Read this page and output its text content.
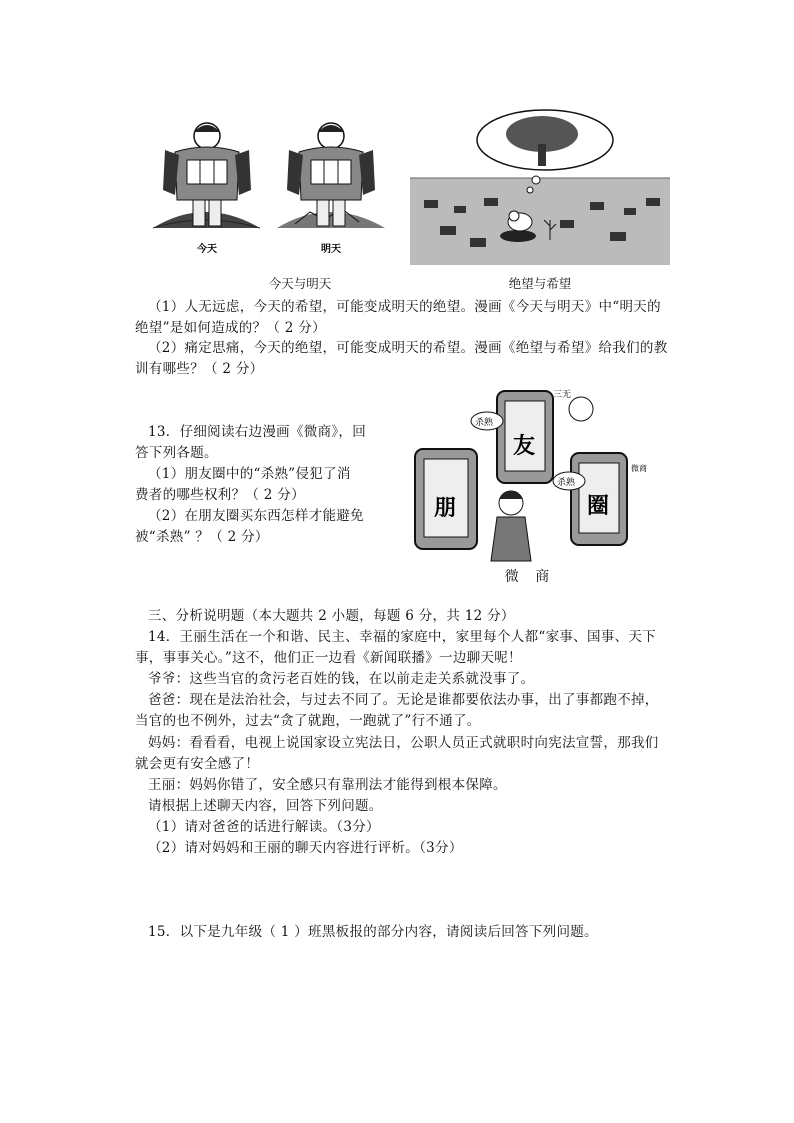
今天	明天
今天与明天	绝望与希望
（1）人无远虑，今天的希望，可能变成明天的绝望。漫画《今天与明天》中“明天的
绝望”是如何造成的？（ 2 分）
（2）痛定思痛，今天的绝望，可能变成明天的希望。漫画《绝望与希望》给我们的教
训有哪些？（ 2 分）
13．仔细阅读右边漫画《微商》，回
答下列各题。
（1）朋友圈中的“杀熟”侵犯了消
费者的哪些权利？（ 2 分）
（2）在朋友圈买东西怎样才能避免
被“杀熟” ？（ 2 分）
友
朋	圈
杀熟
杀熟
三无
微商
微 商
三、分析说明题（本大题共 2 小题，每题 6 分，共 12 分）
14．王丽生活在一个和谐、民主、幸福的家庭中，家里每个人都“家事、国事、天下
事，事事关心。”这不，他们正一边看《新闻联播》一边聊天呢！
爷爷：这些当官的贪污老百姓的钱，在以前走走关系就没事了。
爸爸：现在是法治社会，与过去不同了。无论是谁都要依法办事，出了事都跑不掉，
当官的也不例外，过去“贪了就跑，一跑就了”行不通了。
妈妈：看看看，电视上说国家设立宪法日，公职人员正式就职时向宪法宣誓，那我们
就会更有安全感了！
王丽：妈妈你错了，安全感只有靠刑法才能得到根本保障。
请根据上述聊天内容，回答下列问题。
（1）请对爸爸的话进行解读。（3分）
（2）请对妈妈和王丽的聊天内容进行评析。（3分）
15．以下是九年级（ 1 ）班黑板报的部分内容，请阅读后回答下列问题。
